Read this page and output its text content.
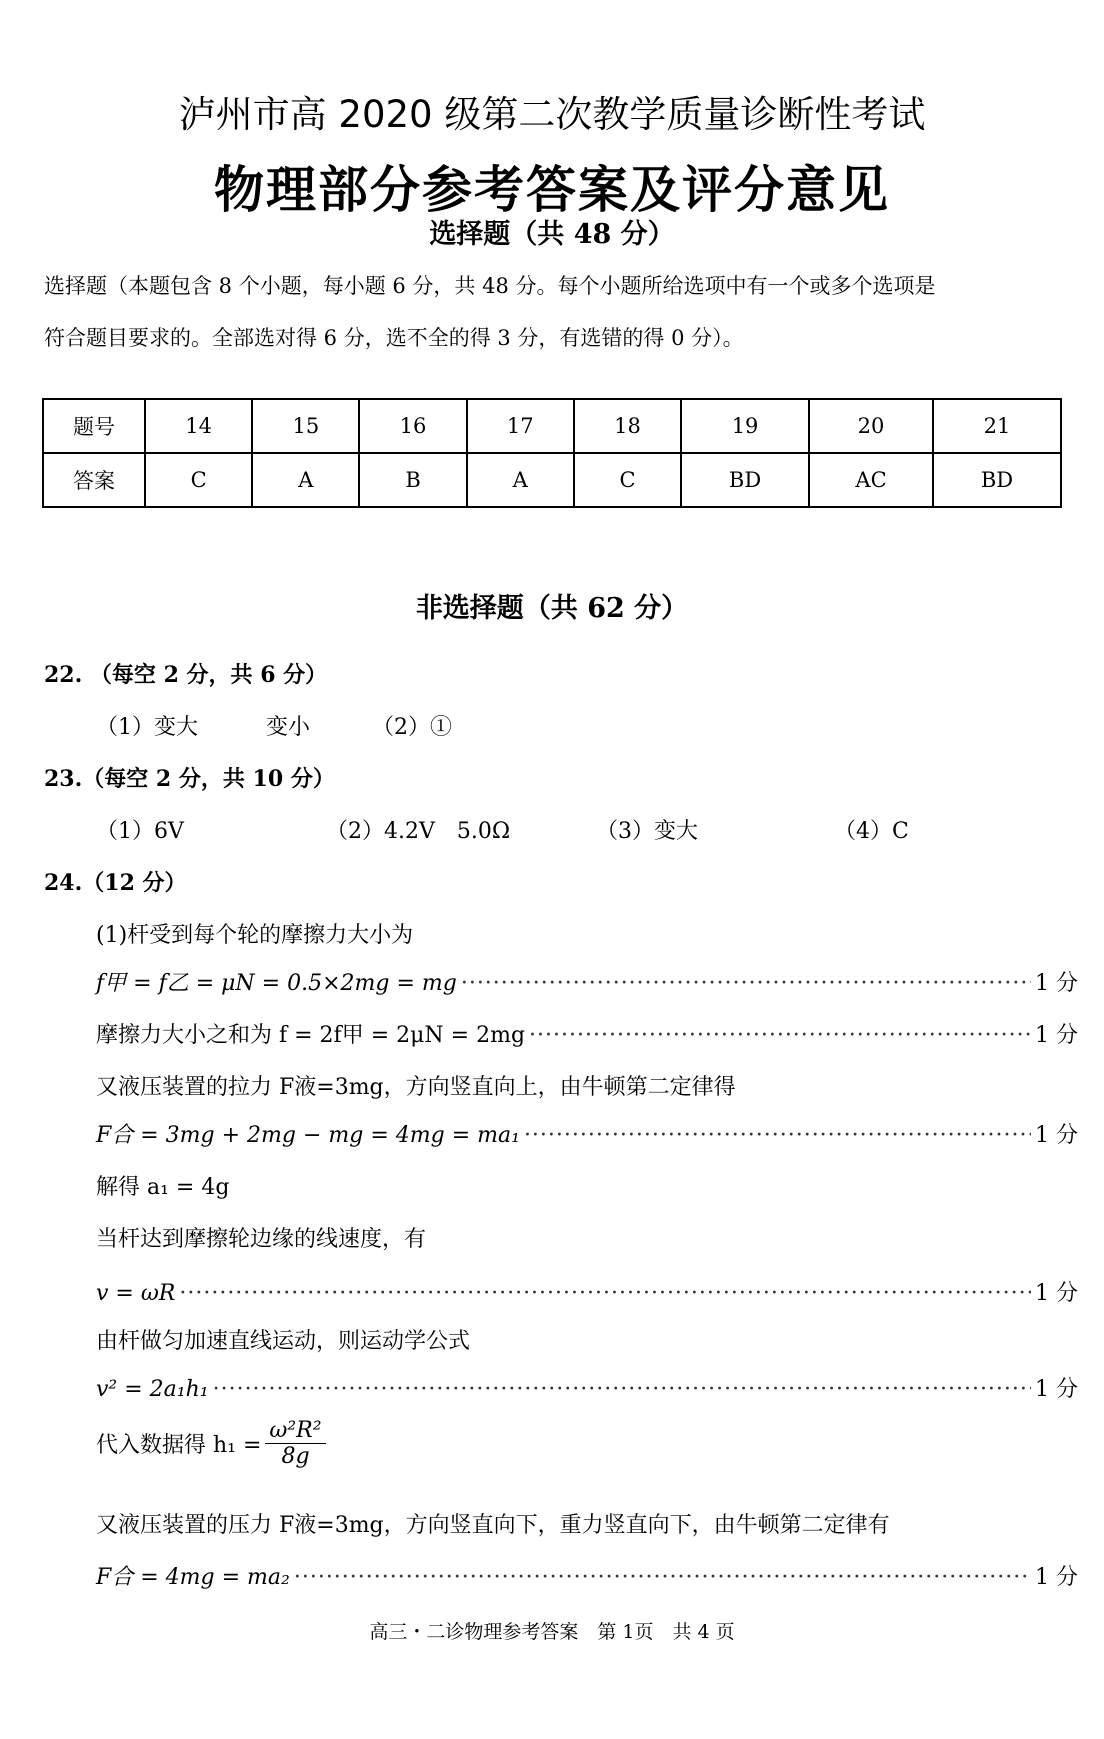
泸州市高 2020 级第二次教学质量诊断性考试
物理部分参考答案及评分意见
选择题（共 48 分）
选择题（本题包含 8 个小题，每小题 6 分，共 48 分。每个小题所给选项中有一个或多个选项是
符合题目要求的。全部选对得 6 分，选不全的得 3 分，有选错的得 0 分）。
题号	14	15	16	17	18	19	20	21
答案	C	A	B	A	C	BD	AC	BD
非选择题（共 62 分）
22. （每空 2 分，共 6 分）
（1）变大	变小	（2）①
23.（每空 2 分，共 10 分）
（1）6V	（2）4.2V　5.0Ω	（3）变大	（4）C
24.（12 分）
(1)杆受到每个轮的摩擦力大小为
f甲 = f乙 = μN = 0.5×2mg = mg ·····	1 分
摩擦力大小之和为 f = 2f甲 = 2μN = 2mg ·····	1 分
又液压装置的拉力 F液=3mg，方向竖直向上，由牛顿第二定律得
F合 = 3mg + 2mg − mg = 4mg = ma₁ ·····	1 分
解得 a₁ = 4g
当杆达到摩擦轮边缘的线速度，有
v = ωR ·····	1 分
由杆做匀加速直线运动，则运动学公式
v² = 2a₁h₁ ·····	1 分
代入数据得 $h_1 = \frac{\text{ω²R²}}{8g}$
又液压装置的压力 F液=3mg，方向竖直向下，重力竖直向下，由牛顿第二定律有
F合 = 4mg = ma₂ ·····	1 分
高三・二诊物理参考答案　第 1页　共 4 页
